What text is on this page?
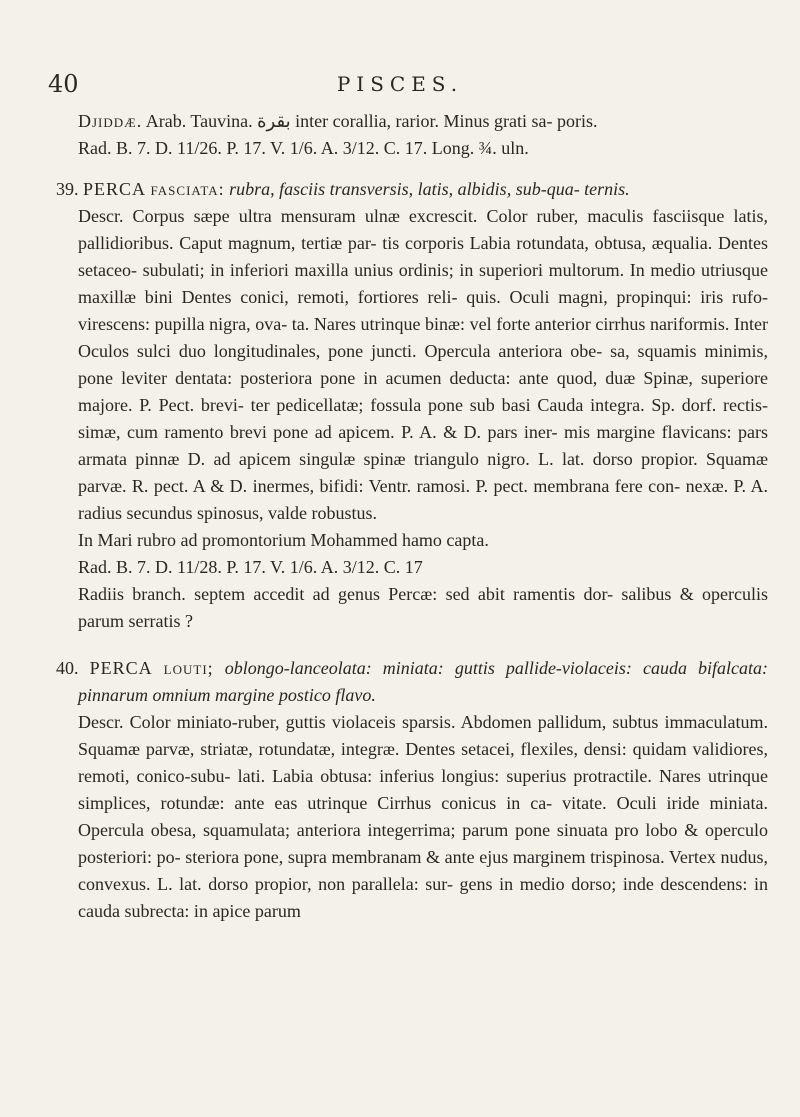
40	PISCES.

Djiddæ. Arab. Tauvina. بقرة inter corallia, rarior. Minus grati sa- poris.

Rad. B. 7. D. 11/26. P. 17. V. 1/6. A. 3/12. C. 17. Long. ¾. uln.

39. PERCA fasciata: rubra, fasciis transversis, latis, albidis, sub-qua- ternis.

Descr. Corpus sæpe ultra mensuram ulnæ excrescit. Color ruber, maculis fasciisque latis, pallidioribus. Caput magnum, tertiæ par- tis corporis Labia rotundata, obtusa, æqualia. Dentes setaceo- subulati; in inferiori maxilla unius ordinis; in superiori multorum. In medio utriusque maxillæ bini Dentes conici, remoti, fortiores reli- quis. Oculi magni, propinqui: iris rufo-virescens: pupilla nigra, ova- ta. Nares utrinque binæ: vel forte anterior cirrhus nariformis. Inter Oculos sulci duo longitudinales, pone juncti. Opercula anteriora obe- sa, squamis minimis, pone leviter dentata: posteriora pone in acumen deducta: ante quod, duæ Spinæ, superiore majore. P. Pect. brevi- ter pedicellatæ; fossula pone sub basi Cauda integra. Sp. dorf. rectis- simæ, cum ramento brevi pone ad apicem. P. A. & D. pars iner- mis margine flavicans: pars armata pinnæ D. ad apicem singulæ spinæ triangulo nigro. L. lat. dorso propior. Squamæ parvæ. R. pect. A & D. inermes, bifidi: Ventr. ramosi. P. pect. membrana fere con- nexæ. P. A. radius secundus spinosus, valde robustus.

In Mari rubro ad promontorium Mohammed hamo capta.

Rad. B. 7. D. 11/28. P. 17. V. 1/6. A. 3/12. C. 17

Radiis branch. septem accedit ad genus Percæ: sed abit ramentis dor- salibus & operculis parum serratis ?

40. PERCA louti; oblongo-lanceolata: miniata: guttis pallide-violaceis: cauda bifalcata: pinnarum omnium margine postico flavo.

Descr. Color miniato-ruber, guttis violaceis sparsis. Abdomen pallidum, subtus immaculatum. Squamæ parvæ, striatæ, rotundatæ, integræ. Dentes setacei, flexiles, densi: quidam validiores, remoti, conico-subu- lati. Labia obtusa: inferius longius: superius protractile. Nares utrinque simplices, rotundæ: ante eas utrinque Cirrhus conicus in ca- vitate. Oculi iride miniata. Opercula obesa, squamulata; anteriora integerrima; parum pone sinuata pro lobo & operculo posteriori: po- steriora pone, supra membranam & ante ejus marginem trispinosa. Vertex nudus, convexus. L. lat. dorso propior, non parallela: sur- gens in medio dorso; inde descendens: in cauda subrecta: in apice parum
